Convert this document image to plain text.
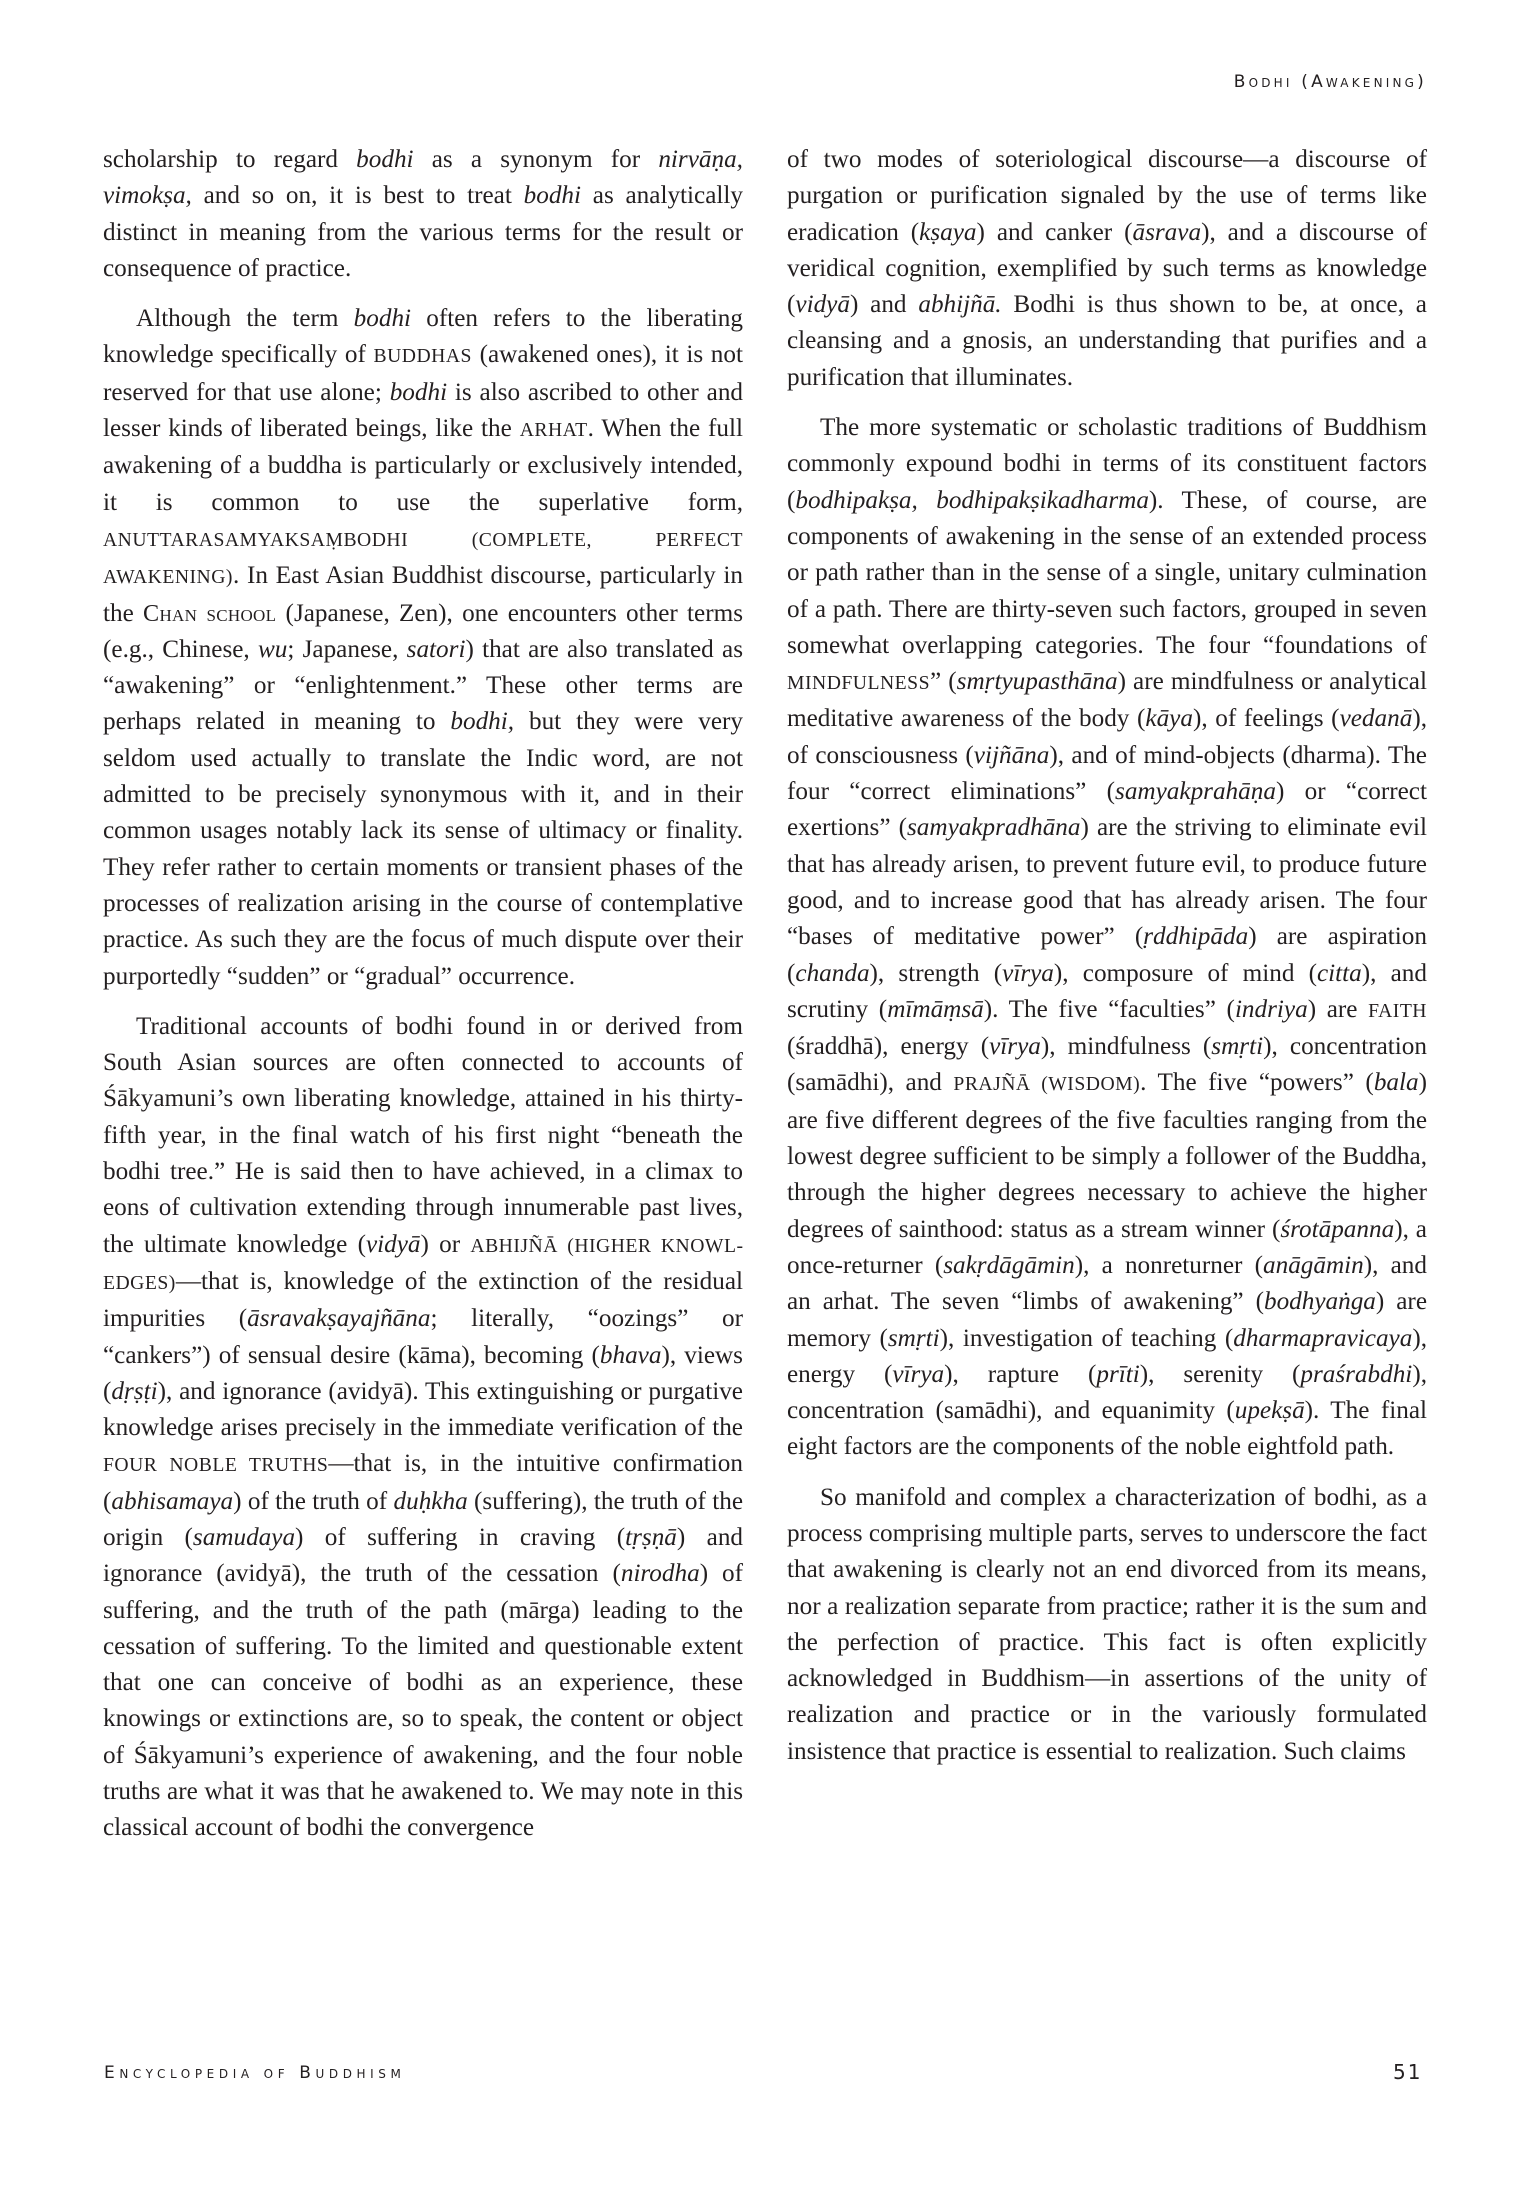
Bodhi (Awakening)

scholarship to regard bodhi as a synonym for nirvāṇa, vimokṣa, and so on, it is best to treat bodhi as analytically distinct in meaning from the various terms for the result or consequence of practice.

Although the term bodhi often refers to the liberating knowledge specifically of BUDDHAS (awakened ones), it is not reserved for that use alone; bodhi is also ascribed to other and lesser kinds of liberated beings, like the ARHAT. When the full awakening of a buddha is particularly or exclusively intended, it is common to use the superlative form, ANUTTARASAMYAKSAṂBODHI (COMPLETE, PERFECT AWAKENING). In East Asian Buddhist discourse, particularly in the Chan school (Japanese, Zen), one encounters other terms (e.g., Chinese, wu; Japanese, satori) that are also translated as “awakening” or “enlightenment.” These other terms are perhaps related in meaning to bodhi, but they were very seldom used actually to translate the Indic word, are not admitted to be precisely synonymous with it, and in their common usages notably lack its sense of ultimacy or finality. They refer rather to certain moments or transient phases of the processes of realization arising in the course of contemplative practice. As such they are the focus of much dispute over their purportedly “sudden” or “gradual” occurrence.

Traditional accounts of bodhi found in or derived from South Asian sources are often connected to accounts of Śākyamuni’s own liberating knowledge, attained in his thirty-fifth year, in the final watch of his first night “beneath the bodhi tree.” He is said then to have achieved, in a climax to eons of cultivation extending through innumerable past lives, the ultimate knowledge (vidyā) or ABHIJÑĀ (HIGHER KNOWLEDGES)—that is, knowledge of the extinction of the residual impurities (āsravakṣayajñāna; literally, “oozings” or “cankers”) of sensual desire (kāma), becoming (bhava), views (dṛṣṭi), and ignorance (avidyā). This extinguishing or purgative knowledge arises precisely in the immediate verification of the FOUR NOBLE TRUTHS—that is, in the intuitive confirmation (abhisamaya) of the truth of duḥkha (suffering), the truth of the origin (samudaya) of suffering in craving (tṛṣṇā) and ignorance (avidyā), the truth of the cessation (nirodha) of suffering, and the truth of the path (mārga) leading to the cessation of suffering. To the limited and questionable extent that one can conceive of bodhi as an experience, these knowings or extinctions are, so to speak, the content or object of Śākyamuni’s experience of awakening, and the four noble truths are what it was that he awakened to. We may note in this classical account of bodhi the convergence

of two modes of soteriological discourse—a discourse of purgation or purification signaled by the use of terms like eradication (kṣaya) and canker (āsrava), and a discourse of veridical cognition, exemplified by such terms as knowledge (vidyā) and abhijñā. Bodhi is thus shown to be, at once, a cleansing and a gnosis, an understanding that purifies and a purification that illuminates.

The more systematic or scholastic traditions of Buddhism commonly expound bodhi in terms of its constituent factors (bodhipakṣa, bodhipakṣikadharma). These, of course, are components of awakening in the sense of an extended process or path rather than in the sense of a single, unitary culmination of a path. There are thirty-seven such factors, grouped in seven somewhat overlapping categories. The four “foundations of MINDFULNESS” (smṛtyupasthāna) are mindfulness or analytical meditative awareness of the body (kāya), of feelings (vedanā), of consciousness (vijñāna), and of mind-objects (dharma). The four “correct eliminations” (samyakprahāṇa) or “correct exertions” (samyakpradhāna) are the striving to eliminate evil that has already arisen, to prevent future evil, to produce future good, and to increase good that has already arisen. The four “bases of meditative power” (ṛddhipāda) are aspiration (chanda), strength (vīrya), composure of mind (citta), and scrutiny (mīmāṃsā). The five “faculties” (indriya) are FAITH (śraddhā), energy (vīrya), mindfulness (smṛti), concentration (samādhi), and PRAJÑĀ (WISDOM). The five “powers” (bala) are five different degrees of the five faculties ranging from the lowest degree sufficient to be simply a follower of the Buddha, through the higher degrees necessary to achieve the higher degrees of sainthood: status as a stream winner (śrotāpanna), a once-returner (sakṛdāgāmin), a nonreturner (anāgāmin), and an arhat. The seven “limbs of awakening” (bodhyaṅga) are memory (smṛti), investigation of teaching (dharmapravicaya), energy (vīrya), rapture (prīti), serenity (praśrabdhi), concentration (samādhi), and equanimity (upekṣā). The final eight factors are the components of the noble eightfold path.

So manifold and complex a characterization of bodhi, as a process comprising multiple parts, serves to underscore the fact that awakening is clearly not an end divorced from its means, nor a realization separate from practice; rather it is the sum and the perfection of practice. This fact is often explicitly acknowledged in Buddhism—in assertions of the unity of realization and practice or in the variously formulated insistence that practice is essential to realization. Such claims

Encyclopedia of Buddhism	51
